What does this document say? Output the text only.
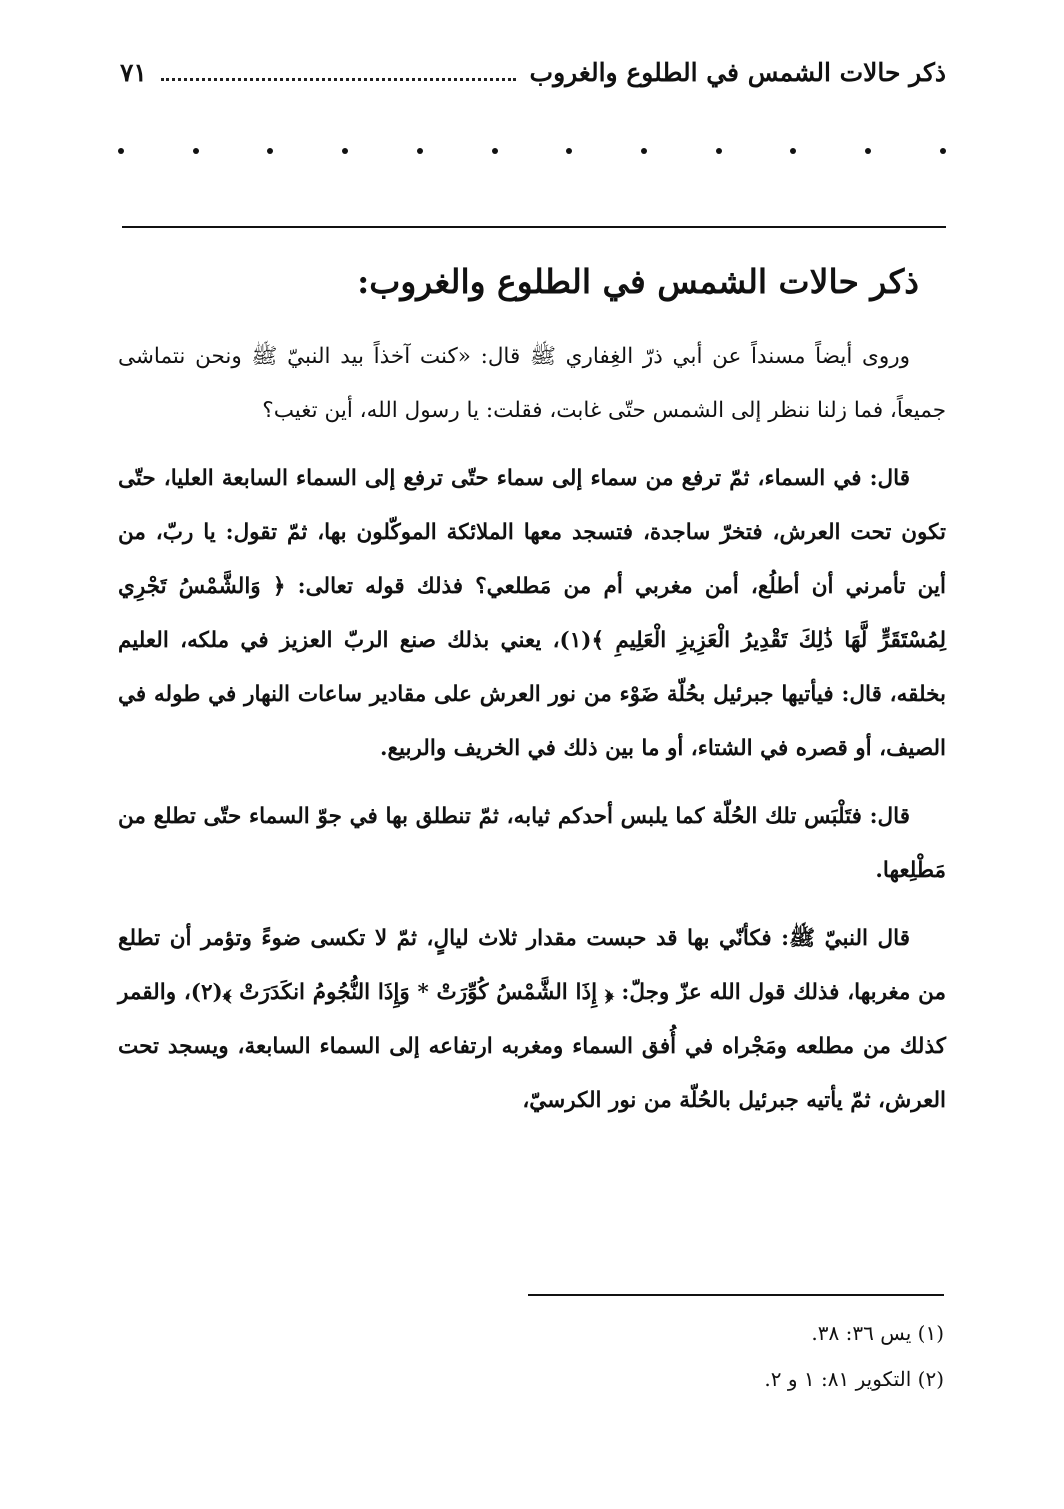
ذكر حالات الشمس في الطلوع والغروب
٧١
ذكر حالات الشمس في الطلوع والغروب:

وروى أيضاً مسنداً عن أبي ذرّ الغِفاري ﷺ قال: «كنت آخذاً بيد النبيّ ﷺ ونحن نتماشى جميعاً، فما زلنا ننظر إلى الشمس حتّى غابت، فقلت: يا رسول الله، أين تغيب؟

قال: في السماء، ثمّ ترفع من سماء إلى سماء حتّى ترفع إلى السماء السابعة العليا، حتّى تكون تحت العرش، فتخرّ ساجدة، فتسجد معها الملائكة الموكّلون بها، ثمّ تقول: يا ربّ، من أين تأمرني أن أطلُع، أمن مغربي أم من مَطلعي؟ فذلك قوله تعالى: ﴿ وَالشَّمْسُ تَجْرِي لِمُسْتَقَرٍّ لَّهَا ذَٰلِكَ تَقْدِيرُ الْعَزِيزِ الْعَلِيمِ ﴾(١)، يعني بذلك صنع الربّ العزيز في ملكه، العليم بخلقه، قال: فيأتيها جبرئيل بحُلّة ضَوْء من نور العرش على مقادير ساعات النهار في طوله في الصيف، أو قصره في الشتاء، أو ما بين ذلك في الخريف والربيع.

قال: فتَلْبَس تلك الحُلّة كما يلبس أحدكم ثيابه، ثمّ تنطلق بها في جوّ السماء حتّى تطلع من مَطْلِعها.

قال النبيّ ﷺ: فكأنّي بها قد حبست مقدار ثلاث ليالٍ، ثمّ لا تكسى ضوءً وتؤمر أن تطلع من مغربها، فذلك قول الله عزّ وجلّ: ﴿ إِذَا الشَّمْسُ كُوِّرَتْ * وَإِذَا النُّجُومُ انكَدَرَتْ ﴾(٢)، والقمر كذلك من مطلعه ومَجْراه في أُفق السماء ومغربه ارتفاعه إلى السماء السابعة، ويسجد تحت العرش، ثمّ يأتيه جبرئيل بالحُلّة من نور الكرسيّ،

(١) يس ٣٦: ٣٨.

(٢) التكوير ٨١: ١ و ٢.
